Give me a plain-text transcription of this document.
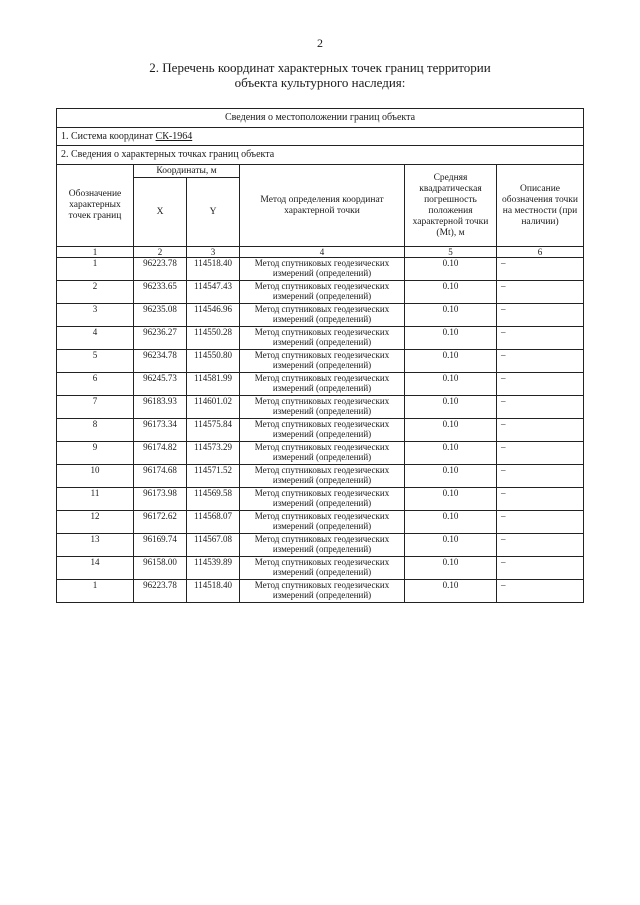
2
2. Перечень координат характерных точек границ территории
объекта культурного наследия:
Сведения о местоположении границ объекта					
1. Система координат СК-1964					
2. Сведения о характерных точках границ объекта					
Обозначение характерных точек границ	Координаты, м		Метод определения координат характерной точки	Средняя квадратическая погрешность положения характерной точки (Mt), м	Описание обозначения точки на местности (при наличии)
	X	Y			
1	2	3	4	5	6
1	96223.78	114518.40	Метод спутниковых геодезических измерений (определений)	0.10	–
2	96233.65	114547.43	Метод спутниковых геодезических измерений (определений)	0.10	–
3	96235.08	114546.96	Метод спутниковых геодезических измерений (определений)	0.10	–
4	96236.27	114550.28	Метод спутниковых геодезических измерений (определений)	0.10	–
5	96234.78	114550.80	Метод спутниковых геодезических измерений (определений)	0.10	–
6	96245.73	114581.99	Метод спутниковых геодезических измерений (определений)	0.10	–
7	96183.93	114601.02	Метод спутниковых геодезических измерений (определений)	0.10	–
8	96173.34	114575.84	Метод спутниковых геодезических измерений (определений)	0.10	–
9	96174.82	114573.29	Метод спутниковых геодезических измерений (определений)	0.10	–
10	96174.68	114571.52	Метод спутниковых геодезических измерений (определений)	0.10	–
11	96173.98	114569.58	Метод спутниковых геодезических измерений (определений)	0.10	–
12	96172.62	114568.07	Метод спутниковых геодезических измерений (определений)	0.10	–
13	96169.74	114567.08	Метод спутниковых геодезических измерений (определений)	0.10	–
14	96158.00	114539.89	Метод спутниковых геодезических измерений (определений)	0.10	–
1	96223.78	114518.40	Метод спутниковых геодезических измерений (определений)	0.10	–
